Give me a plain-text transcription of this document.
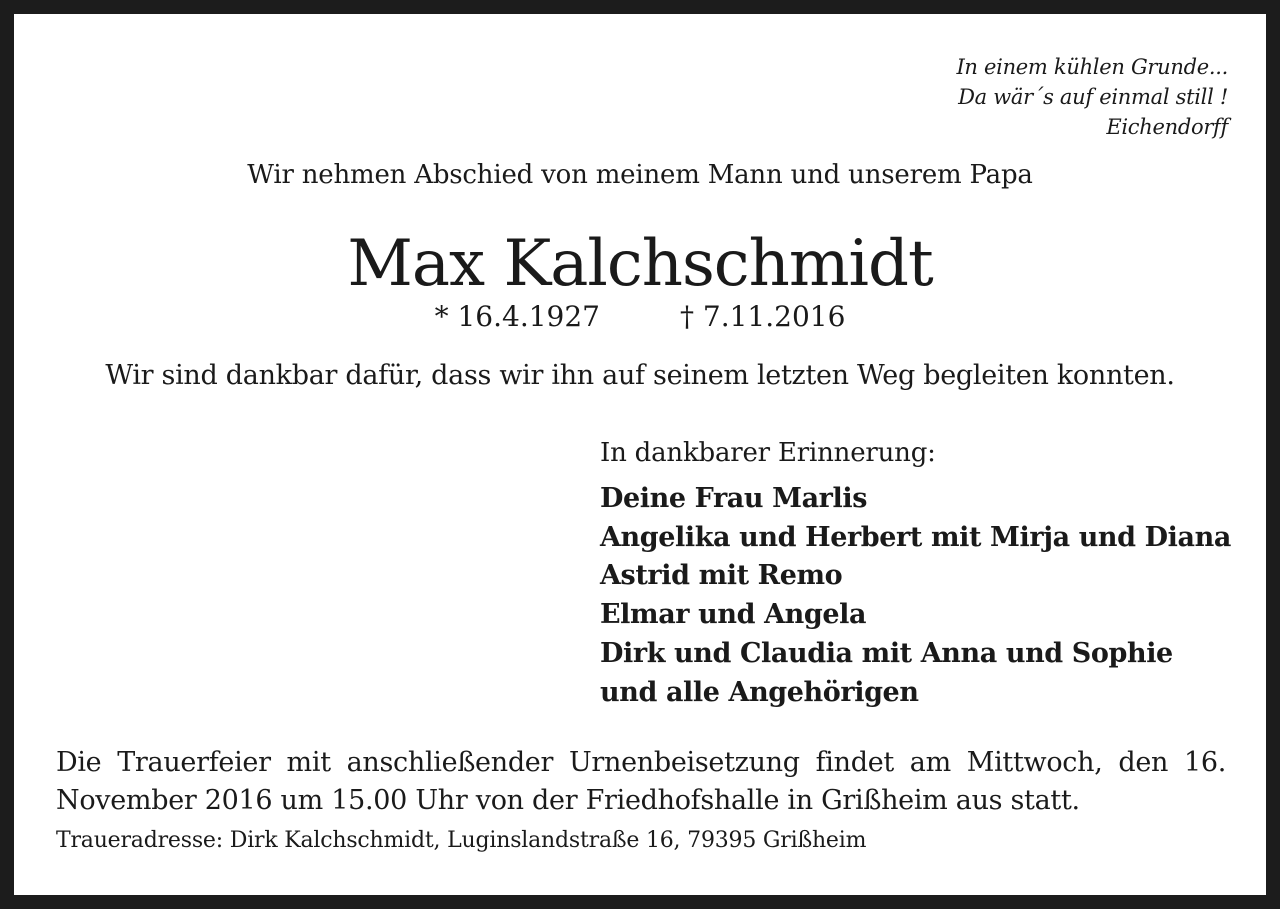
In einem kühlen Grunde...
Da wär´s auf einmal still !
Eichendorff
Wir nehmen Abschied von meinem Mann und unserem Papa
Max Kalchschmidt
* 16.4.1927	† 7.11.2016
Wir sind dankbar dafür, dass wir ihn auf seinem letzten Weg begleiten konnten.
In dankbarer Erinnerung:
Deine Frau Marlis
Angelika und Herbert mit Mirja und Diana
Astrid mit Remo
Elmar und Angela
Dirk und Claudia mit Anna und Sophie
und alle Angehörigen
Die Trauerfeier mit anschließender Urnenbeisetzung findet am Mittwoch, den 16. November 2016 um 15.00 Uhr von der Friedhofshalle in Grißheim aus statt.
Traueradresse: Dirk Kalchschmidt, Luginslandstraße 16, 79395 Grißheim
